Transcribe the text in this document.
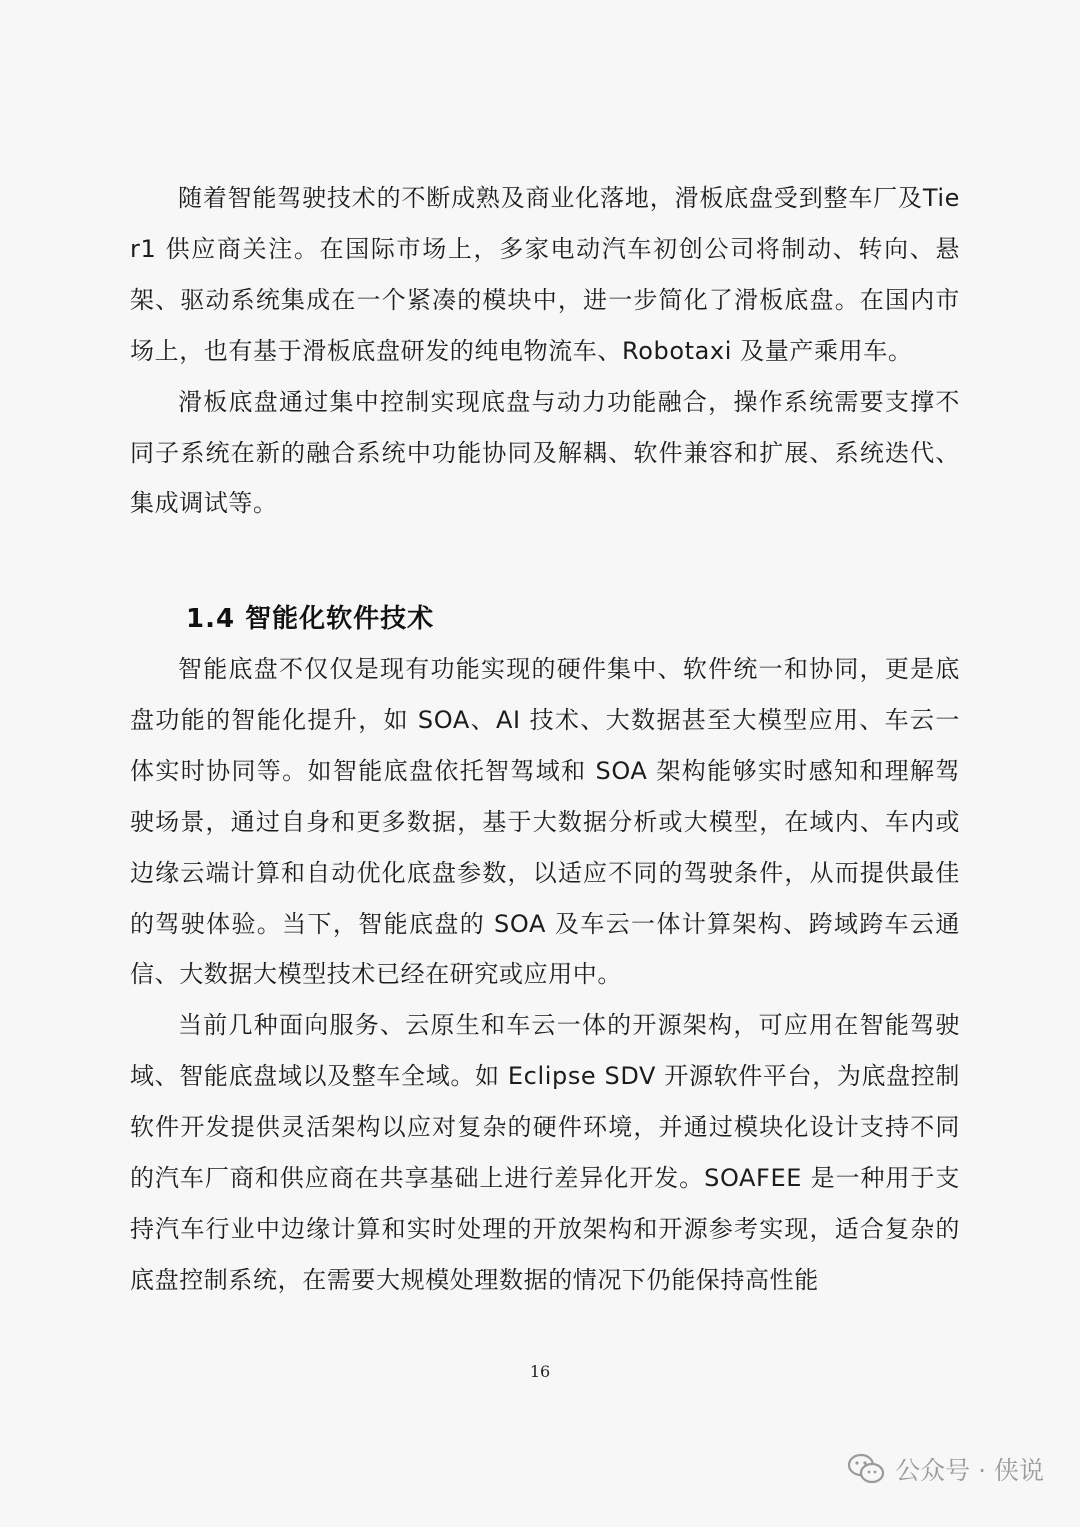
随着智能驾驶技术的不断成熟及商业化落地，滑板底盘受到整车厂及Tier1 供应商关注。在国际市场上，多家电动汽车初创公司将制动、转向、悬架、驱动系统集成在一个紧凑的模块中，进一步简化了滑板底盘。在国内市场上，也有基于滑板底盘研发的纯电物流车、Robotaxi 及量产乘用车。

滑板底盘通过集中控制实现底盘与动力功能融合，操作系统需要支撑不同子系统在新的融合系统中功能协同及解耦、软件兼容和扩展、系统迭代、集成调试等。

1.4 智能化软件技术

智能底盘不仅仅是现有功能实现的硬件集中、软件统一和协同，更是底盘功能的智能化提升，如 SOA、AI 技术、大数据甚至大模型应用、车云一体实时协同等。如智能底盘依托智驾域和 SOA 架构能够实时感知和理解驾驶场景，通过自身和更多数据，基于大数据分析或大模型，在域内、车内或边缘云端计算和自动优化底盘参数，以适应不同的驾驶条件，从而提供最佳的驾驶体验。当下，智能底盘的 SOA 及车云一体计算架构、跨域跨车云通信、大数据大模型技术已经在研究或应用中。

当前几种面向服务、云原生和车云一体的开源架构，可应用在智能驾驶域、智能底盘域以及整车全域。如 Eclipse SDV 开源软件平台，为底盘控制软件开发提供灵活架构以应对复杂的硬件环境，并通过模块化设计支持不同的汽车厂商和供应商在共享基础上进行差异化开发。SOAFEE 是一种用于支持汽车行业中边缘计算和实时处理的开放架构和开源参考实现，适合复杂的底盘控制系统，在需要大规模处理数据的情况下仍能保持高性能

16
公众号 · 侠说
